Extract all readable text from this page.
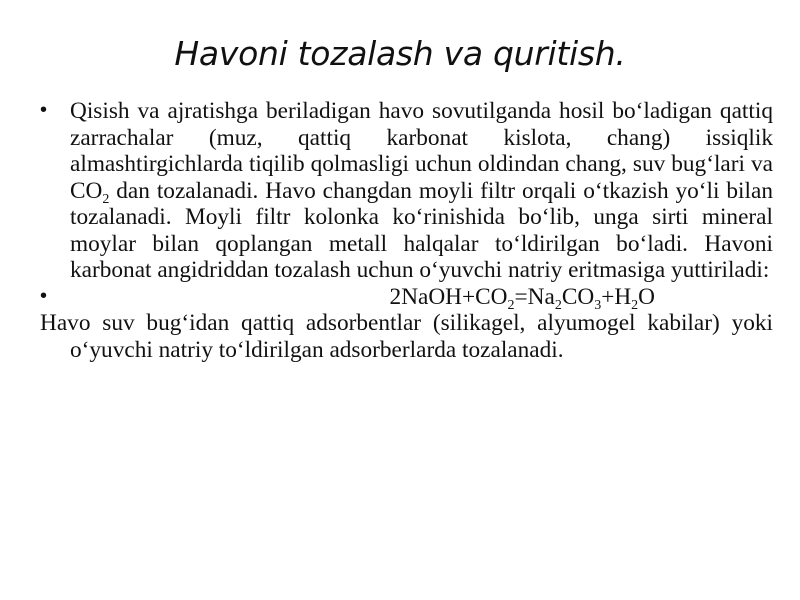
Havoni tozalash va quritish.
• Qisish va ajratishga beriladigan havo sovutilganda hosil bo‘ladigan qattiq zarrachalar (muz, qattiq karbonat kislota, chang) issiqlik almashtirgichlarda tiqilib qolmasligi uchun oldindan chang, suv bug‘lari va $CO_2$ dan tozalanadi. Havo changdan moyli filtr orqali o‘tkazish yo‘li bilan tozalanadi. Moyli filtr kolonka ko‘rinishida bo‘lib, unga sirti mineral moylar bilan qoplangan metall halqalar to‘ldirilgan bo‘ladi. Havoni karbonat angidriddan tozalash uchun o‘yuvchi natriy eritmasiga yuttiriladi:
•	$2NaOH+CO_2=Na_2CO_3+H_2O$
Havo suv bug‘idan qattiq adsorbentlar (silikagel, alyumogel kabilar) yoki o‘yuvchi natriy to‘ldirilgan adsorberlarda tozalanadi.
